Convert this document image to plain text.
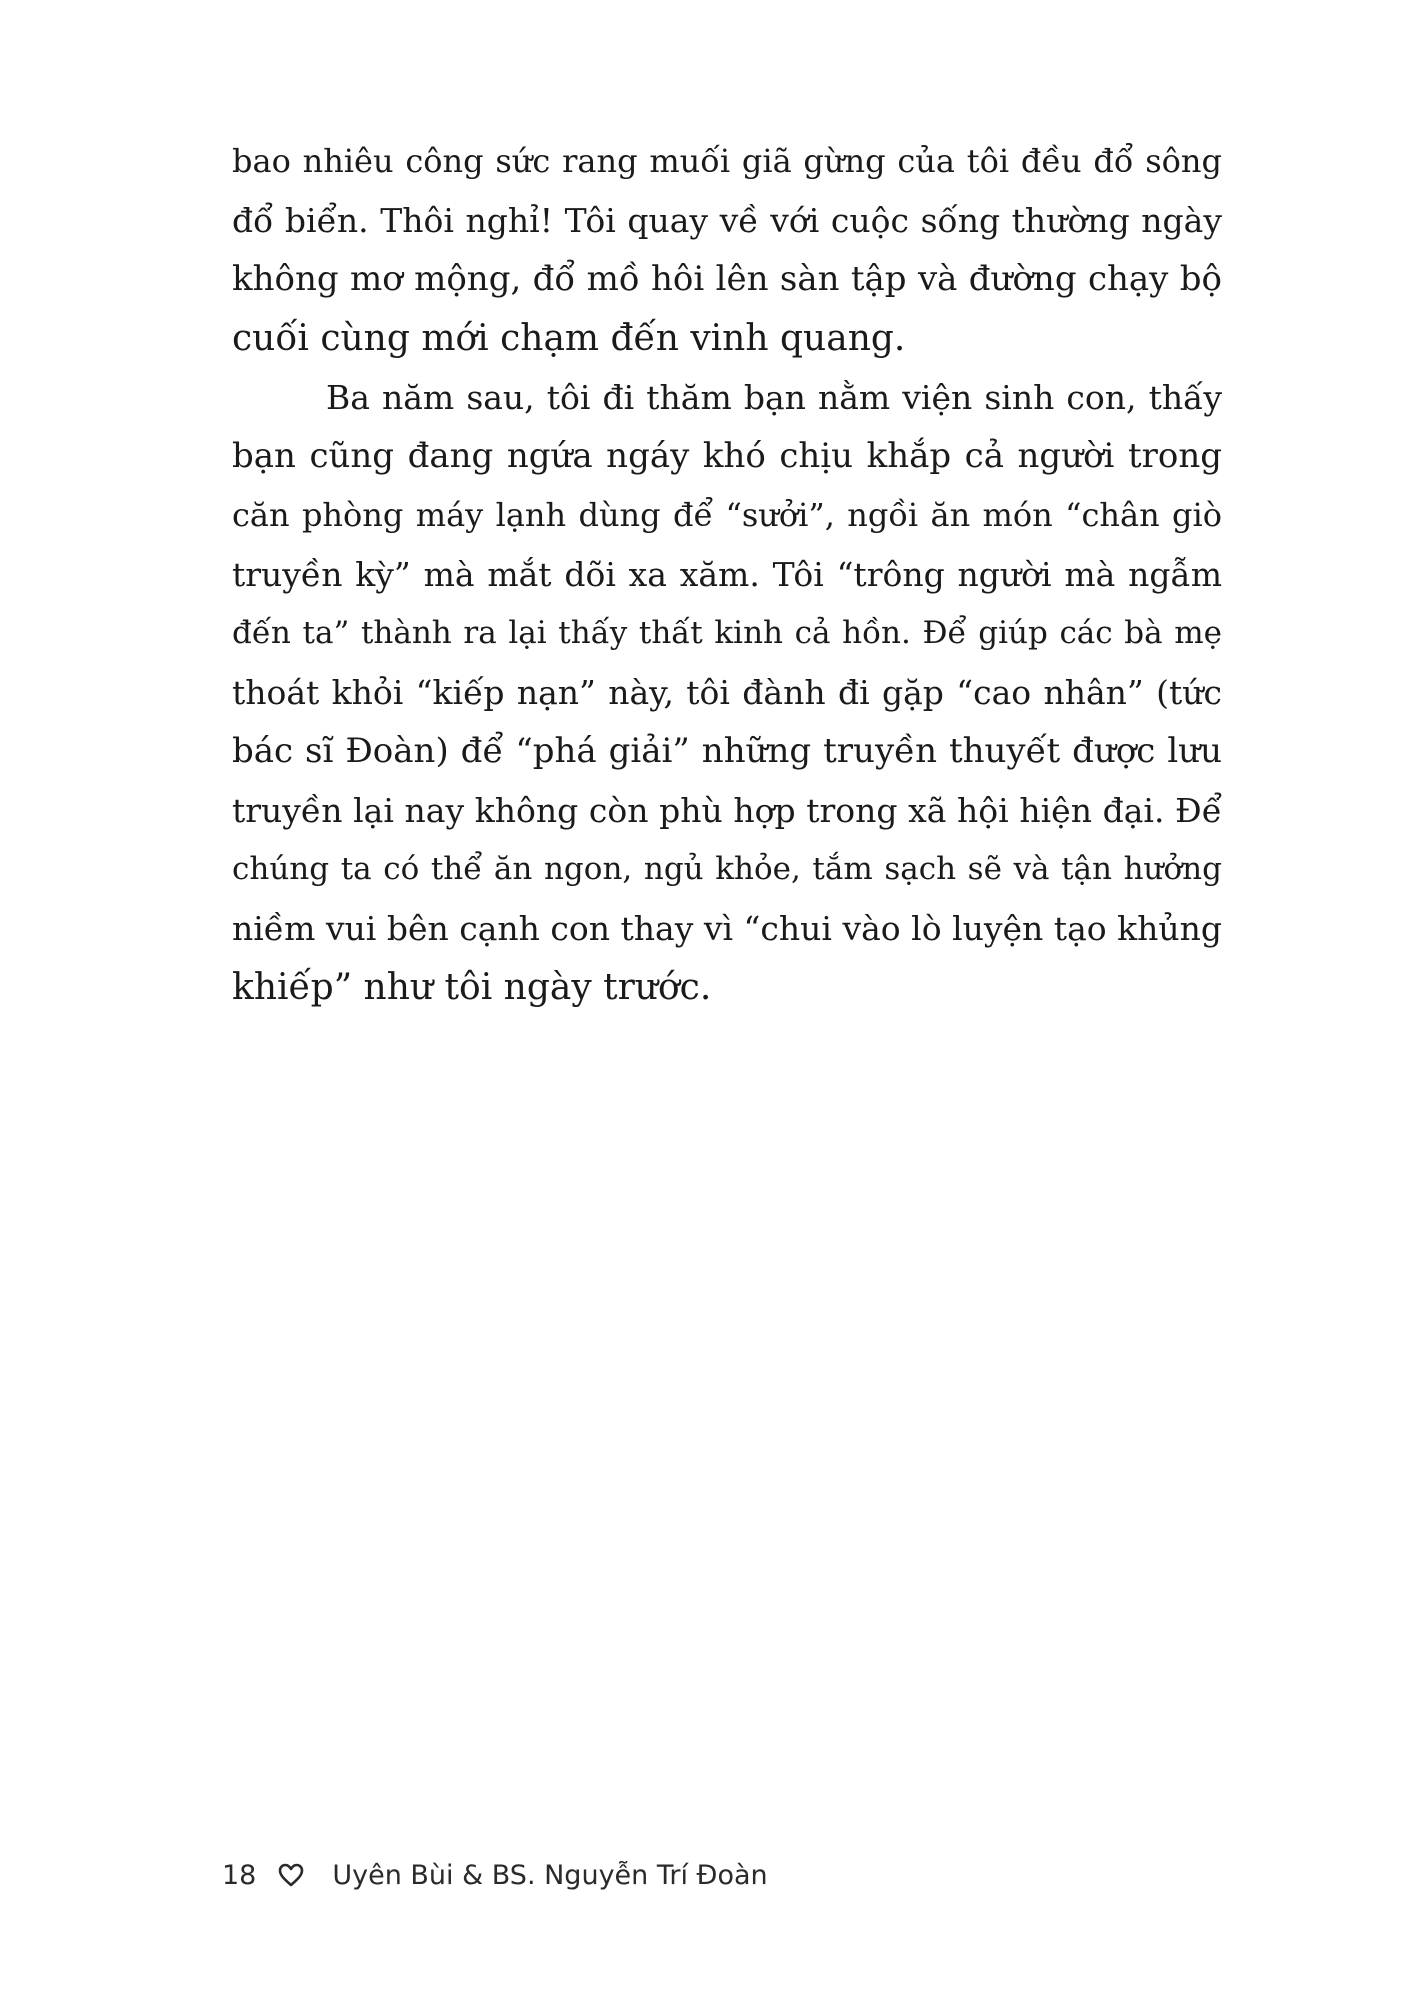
bao nhiêu công sức rang muối giã gừng của tôi đều đổ sông
đổ biển. Thôi nghỉ! Tôi quay về với cuộc sống thường ngày
không mơ mộng, đổ mồ hôi lên sàn tập và đường chạy bộ
cuối cùng mới chạm đến vinh quang.
Ba năm sau, tôi đi thăm bạn nằm viện sinh con, thấy
bạn cũng đang ngứa ngáy khó chịu khắp cả người trong
căn phòng máy lạnh dùng để “sưởi”, ngồi ăn món “chân giò
truyền kỳ” mà mắt dõi xa xăm. Tôi “trông người mà ngẫm
đến ta” thành ra lại thấy thất kinh cả hồn. Để giúp các bà mẹ
thoát khỏi “kiếp nạn” này, tôi đành đi gặp “cao nhân” (tức
bác sĩ Đoàn) để “phá giải” những truyền thuyết được lưu
truyền lại nay không còn phù hợp trong xã hội hiện đại. Để
chúng ta có thể ăn ngon, ngủ khỏe, tắm sạch sẽ và tận hưởng
niềm vui bên cạnh con thay vì “chui vào lò luyện tạo khủng
khiếp” như tôi ngày trước.
18	Uyên Bùi & BS. Nguyễn Trí Đoàn
